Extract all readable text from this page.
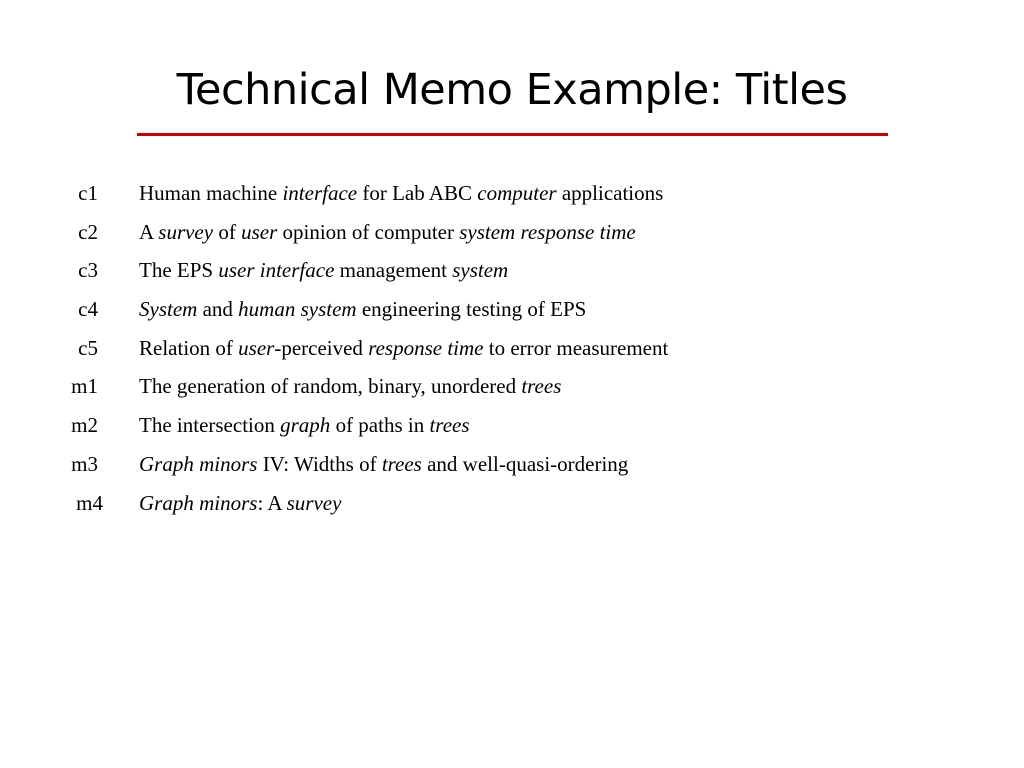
Technical Memo Example: Titles
c1 Human machine interface for Lab ABC computer applications
c2 A survey of user opinion of computer system response time
c3 The EPS user interface management system
c4 System and human system engineering testing of EPS
c5 Relation of user-perceived response time to error measurement
m1 The generation of random, binary, unordered trees
m2 The intersection graph of paths in trees
m3 Graph minors IV: Widths of trees and well-quasi-ordering
m4 Graph minors: A survey
